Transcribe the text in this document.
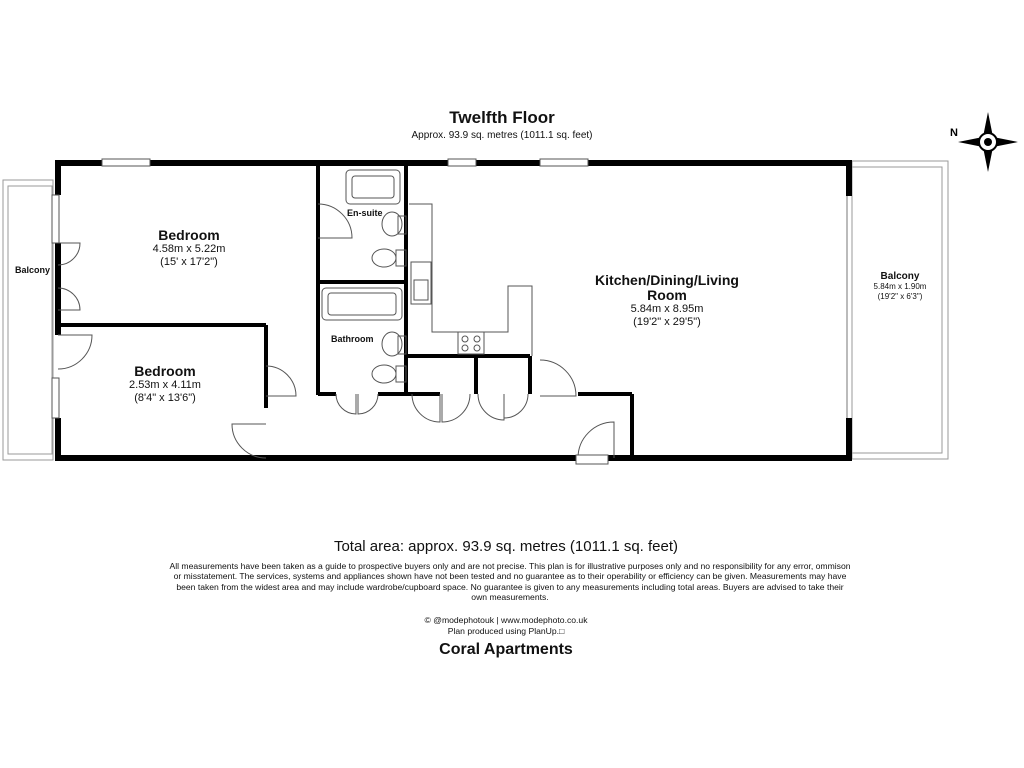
Twelfth Floor
Approx. 93.9 sq. metres (1011.1 sq. feet)	N
Bedroom
4.58m x 5.22m
(15' x 17'2")
Bedroom
2.53m x 4.11m
(8'4" x 13'6")
En-suite
Bathroom
Kitchen/Dining/Living
Room
5.84m x 8.95m
(19'2" x 29'5")
Balcony
Balcony
5.84m x 1.90m
(19'2" x 6'3")
Total area: approx. 93.9 sq. metres (1011.1 sq. feet)
All measurements have been taken as a guide to prospective buyers only and are not precise. This plan is for illustrative purposes only and no responsibility for any error, ommison or misstatement. The services, systems and appliances shown have not been tested and no guarantee as to their operability or efficiency can be given. Measurements may have been taken from the widest area and may include wardrobe/cupboard space. No guarantee is given to any measurements including total areas. Buyers are advised to take their own measurements.
© @modephotouk | www.modephoto.co.uk
Plan produced using PlanUp.□
Coral Apartments
